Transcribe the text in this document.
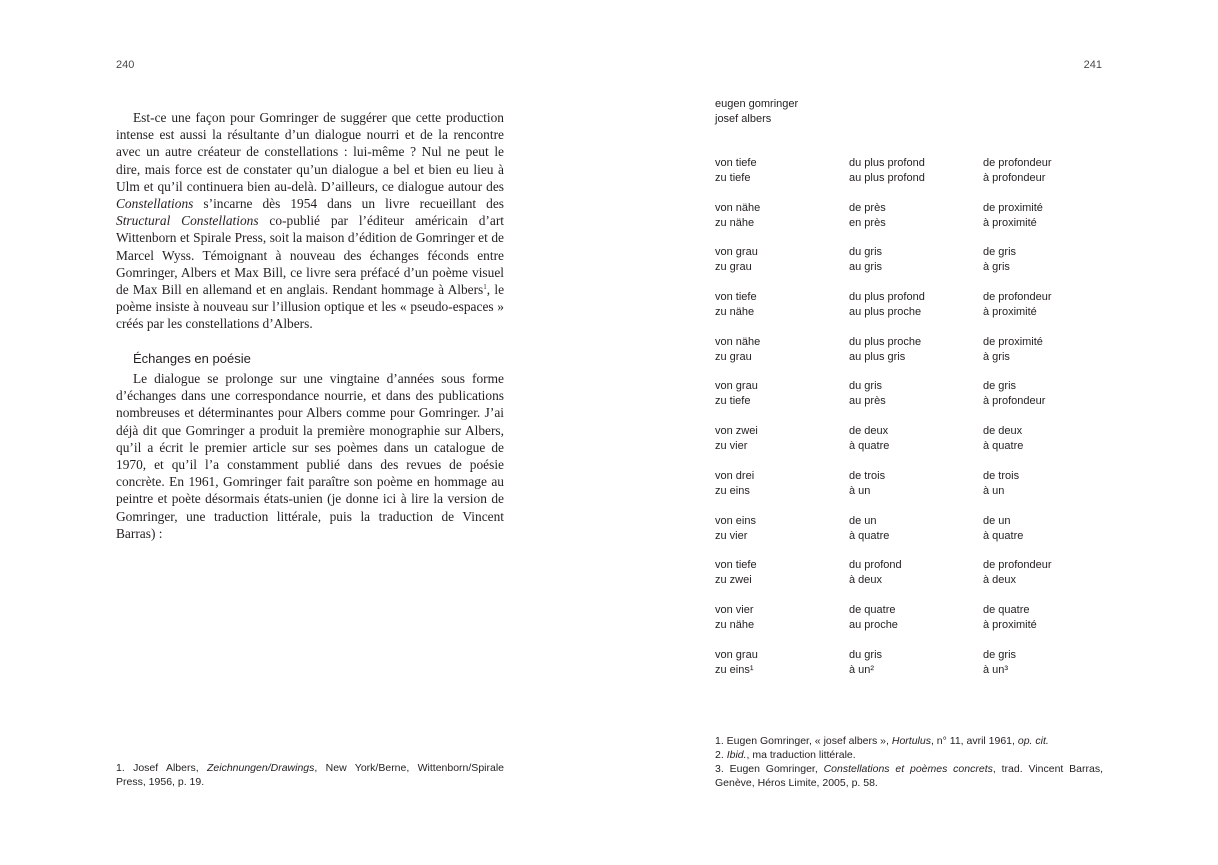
240

Est-ce une façon pour Gomringer de suggérer que cette production intense est aussi la résultante d’un dialogue nourri et de la rencontre avec un autre créateur de constellations : lui-même ? Nul ne peut le dire, mais force est de constater qu’un dialogue a bel et bien eu lieu à Ulm et qu’il continuera bien au-delà. D’ailleurs, ce dialogue autour des Constellations s’incarne dès 1954 dans un livre recueillant des Structural Constellations co-publié par l’éditeur américain d’art Wittenborn et Spirale Press, soit la maison d’édition de Gomringer et de Marcel Wyss. Témoignant à nouveau des échanges féconds entre Gomringer, Albers et Max Bill, ce livre sera préfacé d’un poème visuel de Max Bill en allemand et en anglais. Rendant hommage à Albers$^1$, le poème insiste à nouveau sur l’illusion optique et les « pseudo-espaces » créés par les constellations d’Albers.

Échanges en poésie

Le dialogue se prolonge sur une vingtaine d’années sous forme d’échanges dans une correspondance nourrie, et dans des publications nombreuses et déterminantes pour Albers comme pour Gomringer. J’ai déjà dit que Gomringer a produit la première monographie sur Albers, qu’il a écrit le premier article sur ses poèmes dans un catalogue de 1970, et qu’il l’a constamment publié dans des revues de poésie concrète. En 1961, Gomringer fait paraître son poème en hommage au peintre et poète désormais états-unien (je donne ici à lire la version de Gomringer, une traduction littérale, puis la traduction de Vincent Barras) :

1. Josef Albers, Zeichnungen/Drawings, New York/Berne, Wittenborn/Spirale Press, 1956, p. 19.
241
eugen gomringer
josef albers
von tiefe
zu tiefe
du plus profond
au plus profond
de profondeur
à profondeur
von nähe
zu nähe
de près
en près
de proximité
à proximité
von grau
zu grau
du gris
au gris
de gris
à gris
von tiefe
zu nähe
du plus profond
au plus proche
de profondeur
à proximité
von nähe
zu grau
du plus proche
au plus gris
de proximité
à gris
von grau
zu tiefe
du gris
au près
de gris
à profondeur
von zwei
zu vier
de deux
à quatre
de deux
à quatre
von drei
zu eins
de trois
à un
de trois
à un
von eins
zu vier
de un
à quatre
de un
à quatre
von tiefe
zu zwei
du profond
à deux
de profondeur
à deux
von vier
zu nähe
de quatre
au proche
de quatre
à proximité
von grau
zu eins¹
du gris
à un²
de gris
à un³
1. Eugen Gomringer, « josef albers », Hortulus, n° 11, avril 1961, op. cit.
2. Ibid., ma traduction littérale.
3. Eugen Gomringer, Constellations et poèmes concrets, trad. Vincent Barras, Genève, Héros Limite, 2005, p. 58.
